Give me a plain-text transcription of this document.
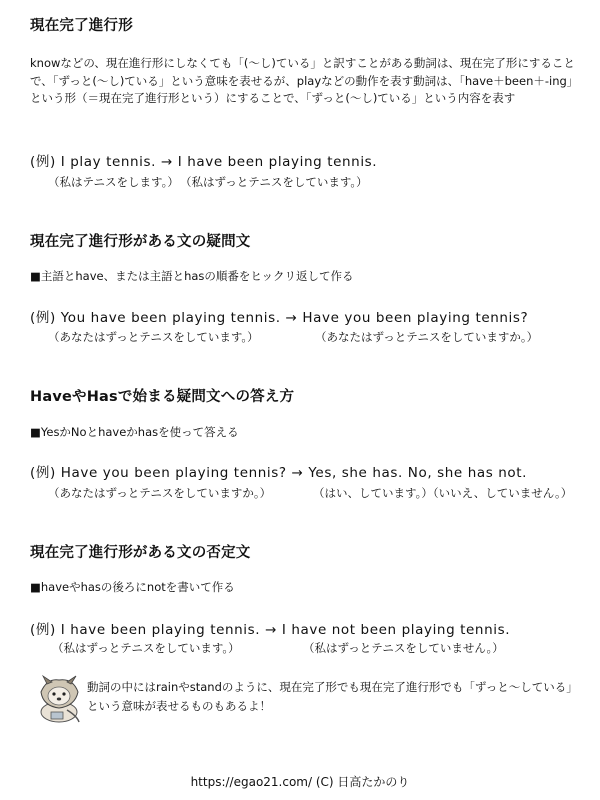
現在完了進行形
knowなどの、現在進行形にしなくても「(～し)ている」と訳すことがある動詞は、現在完了形にすることで、「ずっと(～し)ている」という意味を表せるが、playなどの動作を表す動詞は、「have＋been＋-ing」という形（＝現在完了進行形という）にすることで、「ずっと(～し)ている」という内容を表す
(例) I play tennis. → I have been playing tennis.
（私はテニスをします。） （私はずっとテニスをしています。）
現在完了進行形がある文の疑問文
■主語とhave、または主語とhasの順番をヒックリ返して作る
(例) You have been playing tennis. → Have you been playing tennis?
（あなたはずっとテニスをしています。）	（あなたはずっとテニスをしていますか。）
HaveやHasで始まる疑問文への答え方
■YesかNoとhaveかhasを使って答える
(例) Have you been playing tennis? → Yes, she has. No, she has not.
（あなたはずっとテニスをしていますか。）	（はい、しています。）（いいえ、していません。）
現在完了進行形がある文の否定文
■haveやhasの後ろにnotを書いて作る
(例) I have been playing tennis. → I have not been playing tennis.
（私はずっとテニスをしています。）	（私はずっとテニスをしていません。）
動詞の中にはrainやstandのように、現在完了形でも現在完了進行形でも「ずっと～している」という意味が表せるものもあるよ！
https://egao21.com/ (C) 日高たかのり
